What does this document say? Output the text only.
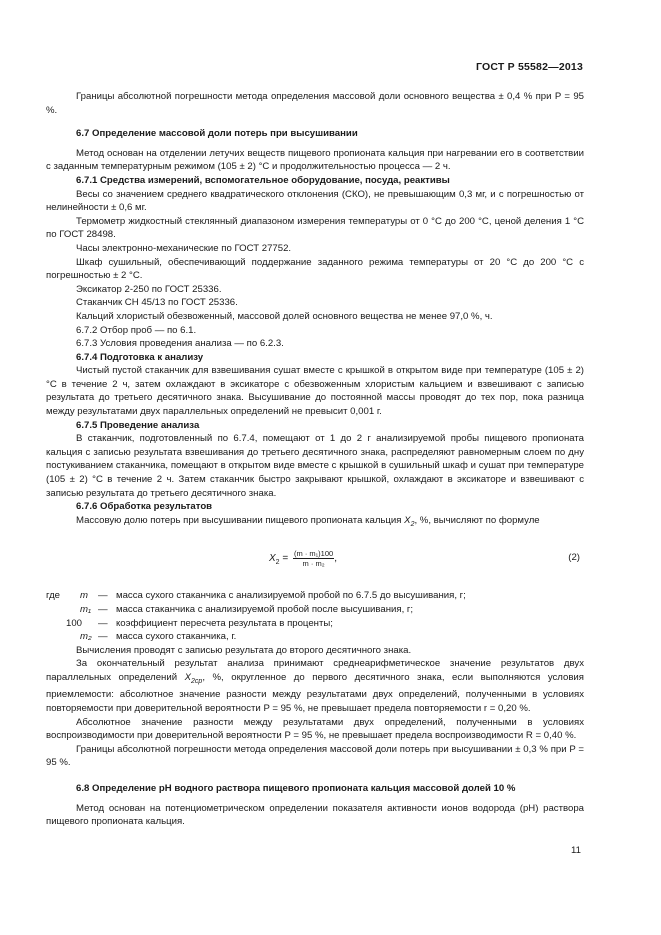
ГОСТ Р 55582—2013

Границы абсолютной погрешности метода определения массовой доли основного вещества ± 0,4 % при P = 95 %.

6.7 Определение массовой доли потерь при высушивании

Метод основан на отделении летучих веществ пищевого пропионата кальция при нагревании его в соответствии с заданным температурным режимом (105 ± 2) °С и продолжительностью процесса — 2 ч.

6.7.1 Средства измерений, вспомогательное оборудование, посуда, реактивы

Весы со значением среднего квадратического отклонения (СКО), не превышающим 0,3 мг, и с погрешностью от нелинейности ± 0,6 мг.

Термометр жидкостный стеклянный диапазоном измерения температуры от 0 °С до 200 °С, ценой деления 1 °С по ГОСТ 28498.

Часы электронно-механические по ГОСТ 27752.

Шкаф сушильный, обеспечивающий поддержание заданного режима температуры от 20 °С до 200 °С с погрешностью ± 2 °С.

Эксикатор 2-250 по ГОСТ 25336.

Стаканчик СН 45/13 по ГОСТ 25336.

Кальций хлористый обезвоженный, массовой долей основного вещества не менее 97,0 %, ч.

6.7.2 Отбор проб — по 6.1.

6.7.3 Условия проведения анализа — по 6.2.3.

6.7.4 Подготовка к анализу

Чистый пустой стаканчик для взвешивания сушат вместе с крышкой в открытом виде при температуре (105 ± 2) °С в течение 2 ч, затем охлаждают в эксикаторе с обезвоженным хлористым кальцием и взвешивают с записью результата до третьего десятичного знака. Высушивание до постоянной массы проводят до тех пор, пока разница между результатами двух параллельных определений не превысит 0,001 г.

6.7.5 Проведение анализа

В стаканчик, подготовленный по 6.7.4, помещают от 1 до 2 г анализируемой пробы пищевого пропионата кальция с записью результата взвешивания до третьего десятичного знака, распределяют равномерным слоем по дну постукиванием стаканчика, помещают в открытом виде вместе с крышкой в сушильный шкаф и сушат при температуре (105 ± 2) °С в течение 2 ч. Затем стаканчик быстро закрывают крышкой, охлаждают в эксикаторе и взвешивают с записью результата до третьего десятичного знака.

6.7.6 Обработка результатов

Массовую долю потерь при высушивании пищевого пропионата кальция $X_2$, %, вычисляют по формуле

$X_2 = \frac{\text{(m · m₁)100}}{\text{m · m₂}}$ ,	(2)
где	m	— масса сухого стаканчика с анализируемой пробой по 6.7.5 до высушивания, г;
m₁ — масса стаканчика с анализируемой пробой после высушивания, г;
100	— коэффициент пересчета результата в проценты;
m₂ — масса сухого стаканчика, г.

Вычисления проводят с записью результата до второго десятичного знака.

За окончательный результат анализа принимают среднеарифметическое значение результатов двух параллельных определений $X_{2ср}$, %, округленное до первого десятичного знака, если выполняются условия приемлемости: абсолютное значение разности между результатами двух определений, полученными в условиях повторяемости при доверительной вероятности P = 95 %, не превышает предела повторяемости r = 0,20 %.

Абсолютное значение разности между результатами двух определений, полученными в условиях воспроизводимости при доверительной вероятности P = 95 %, не превышает предела воспроизводимости R = 0,40 %.

Границы абсолютной погрешности метода определения массовой доли потерь при высушивании ± 0,3 % при P = 95 %.

6.8 Определение рН водного раствора пищевого пропионата кальция массовой долей 10 %

Метод основан на потенциометрическом определении показателя активности ионов водорода (рН) раствора пищевого пропионата кальция.

11
